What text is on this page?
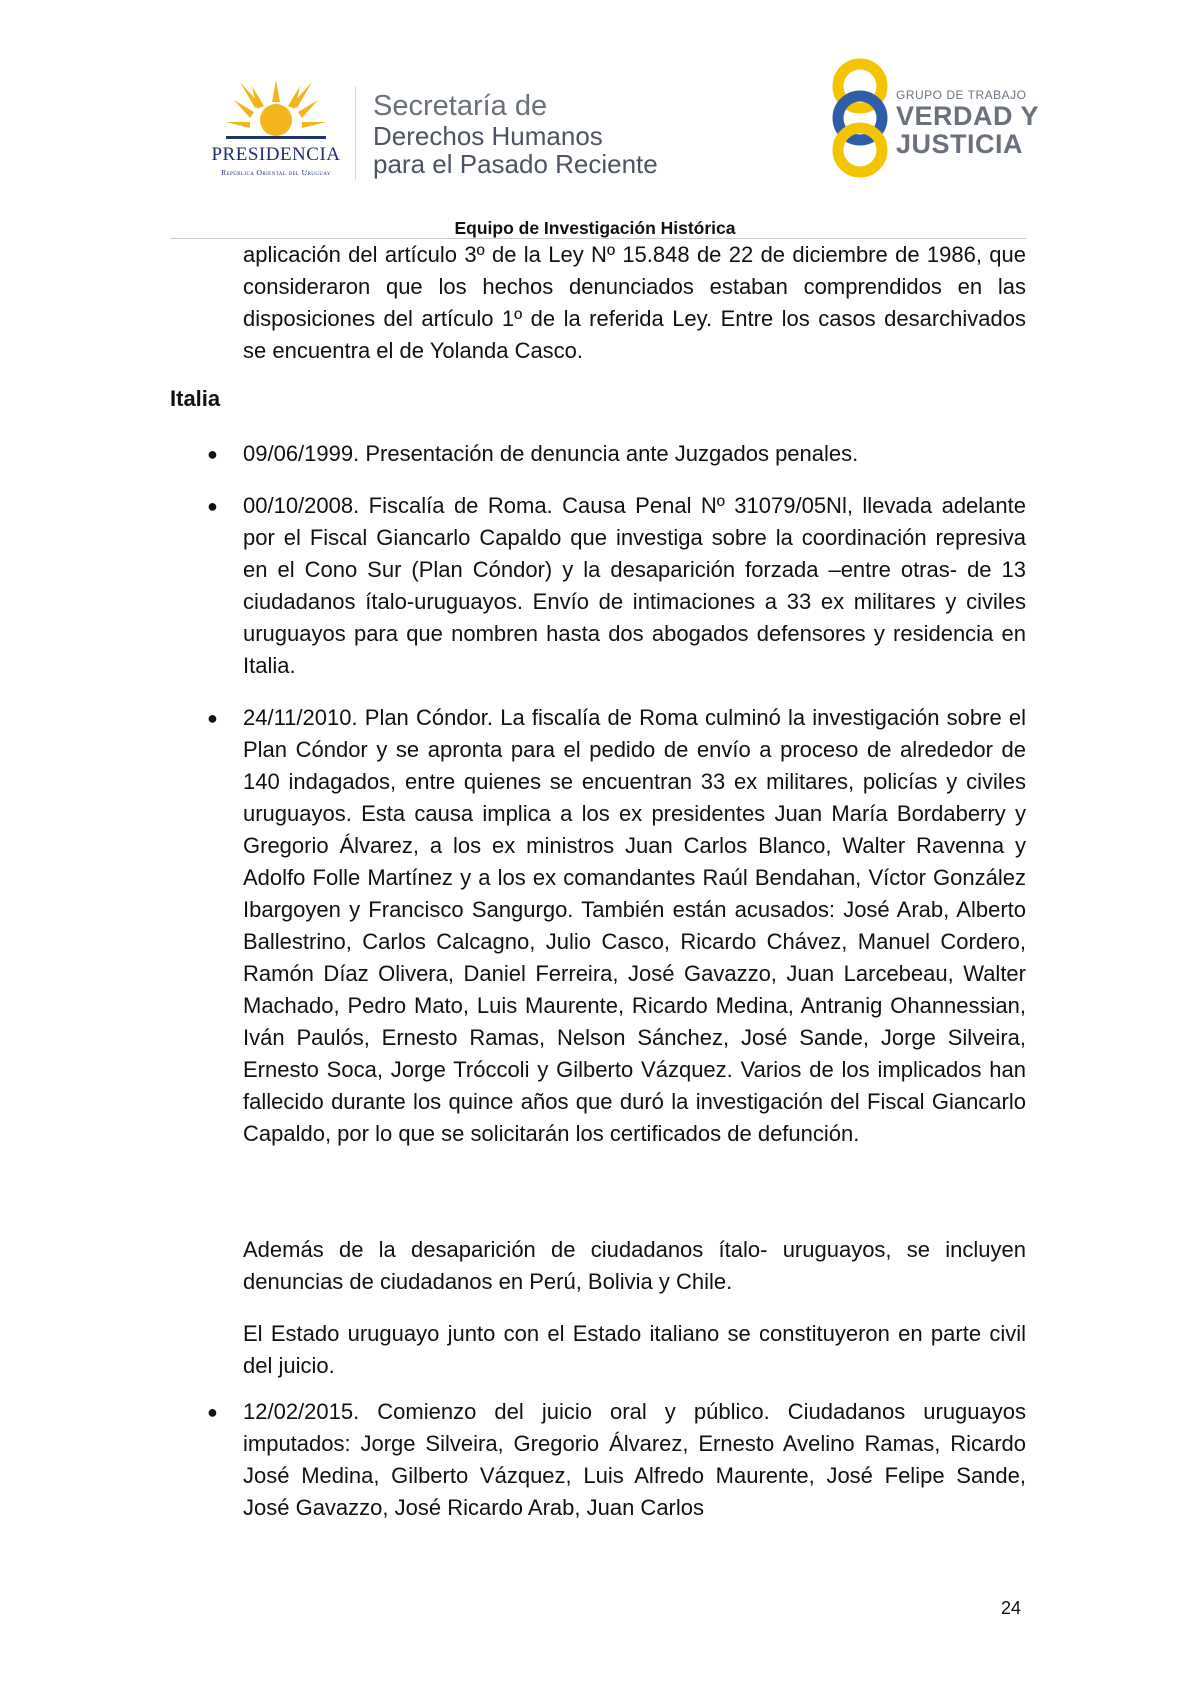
PRESIDENCIA
República Oriental del Uruguay
Secretaría de
Derechos Humanos
para el Pasado Reciente
GRUPO DE TRABAJO
VERDAD Y
JUSTICIA
Equipo de Investigación Histórica

aplicación del artículo 3º de la Ley Nº 15.848 de 22 de diciembre de 1986, que consideraron que los hechos denunciados estaban comprendidos en las disposiciones del artículo 1º de la referida Ley. Entre los casos desarchivados se encuentra el de Yolanda Casco.

Italia
● 09/06/1999. Presentación de denuncia ante Juzgados penales.

● 00/10/2008. Fiscalía de Roma. Causa Penal Nº 31079/05Nl, llevada adelante por el Fiscal Giancarlo Capaldo que investiga sobre la coordinación represiva en el Cono Sur (Plan Cóndor) y la desaparición forzada –entre otras- de 13 ciudadanos ítalo-uruguayos. Envío de intimaciones a 33 ex militares y civiles uruguayos para que nombren hasta dos abogados defensores y residencia en Italia.

● 24/11/2010. Plan Cóndor. La fiscalía de Roma culminó la investigación sobre el Plan Cóndor y se apronta para el pedido de envío a proceso de alrededor de 140 indagados, entre quienes se encuentran 33 ex militares, policías y civiles uruguayos. Esta causa implica a los ex presidentes Juan María Bordaberry y Gregorio Álvarez, a los ex ministros Juan Carlos Blanco, Walter Ravenna y Adolfo Folle Martínez y a los ex comandantes Raúl Bendahan, Víctor González Ibargoyen y Francisco Sangurgo. También están acusados: José Arab, Alberto Ballestrino, Carlos Calcagno, Julio Casco, Ricardo Chávez, Manuel Cordero, Ramón Díaz Olivera, Daniel Ferreira, José Gavazzo, Juan Larcebeau, Walter Machado, Pedro Mato, Luis Maurente, Ricardo Medina, Antranig Ohannessian, Iván Paulós, Ernesto Ramas, Nelson Sánchez, José Sande, Jorge Silveira, Ernesto Soca, Jorge Tróccoli y Gilberto Vázquez. Varios de los implicados han fallecido durante los quince años que duró la investigación del Fiscal Giancarlo Capaldo, por lo que se solicitarán los certificados de defunción.

Además de la desaparición de ciudadanos ítalo- uruguayos, se incluyen denuncias de ciudadanos en Perú, Bolivia y Chile.

El Estado uruguayo junto con el Estado italiano se constituyeron en parte civil del juicio.

● 12/02/2015. Comienzo del juicio oral y público. Ciudadanos uruguayos imputados: Jorge Silveira, Gregorio Álvarez, Ernesto Avelino Ramas, Ricardo José Medina, Gilberto Vázquez, Luis Alfredo Maurente, José Felipe Sande, José Gavazzo, José Ricardo Arab, Juan Carlos

24
